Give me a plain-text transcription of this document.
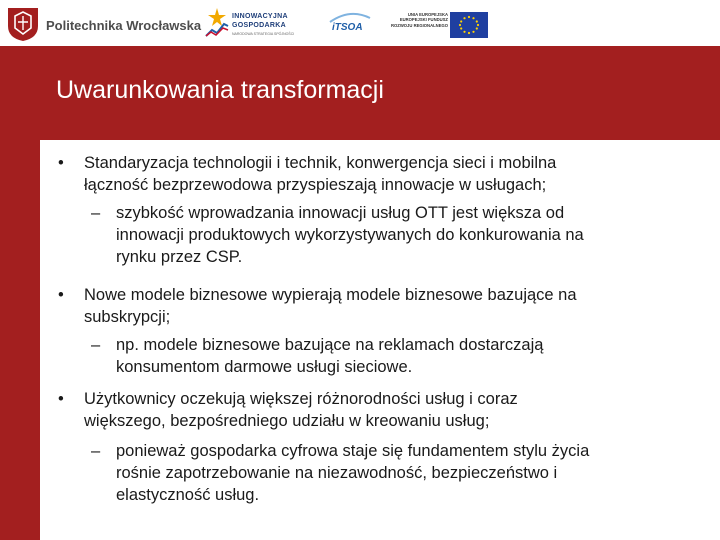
Politechnika Wrocławska
INNOWACYJNA
GOSPODARKA
NARODOWA STRATEGIA SPÓJNOŚCI
iTSOA
UNIA EUROPEJSKA
EUROPEJSKI FUNDUSZ
ROZWOJU REGIONALNEGO
Uwarunkowania transformacji
• Standaryzacja technologii i technik, konwergencja sieci i mobilna
łączność bezprzewodowa przyspieszają innowacje w usługach;
– szybkość wprowadzania innowacji usług OTT jest większa od
innowacji produktowych wykorzystywanych do konkurowania na
rynku przez CSP.
• Nowe modele biznesowe wypierają modele biznesowe bazujące na
subskrypcji;
– np. modele biznesowe bazujące na reklamach dostarczają
konsumentom darmowe usługi sieciowe.
• Użytkownicy oczekują większej różnorodności usług i coraz
większego, bezpośredniego udziału w kreowaniu usług;
– ponieważ gospodarka cyfrowa staje się fundamentem stylu życia
rośnie zapotrzebowanie na niezawodność, bezpieczeństwo i
elastyczność usług.
